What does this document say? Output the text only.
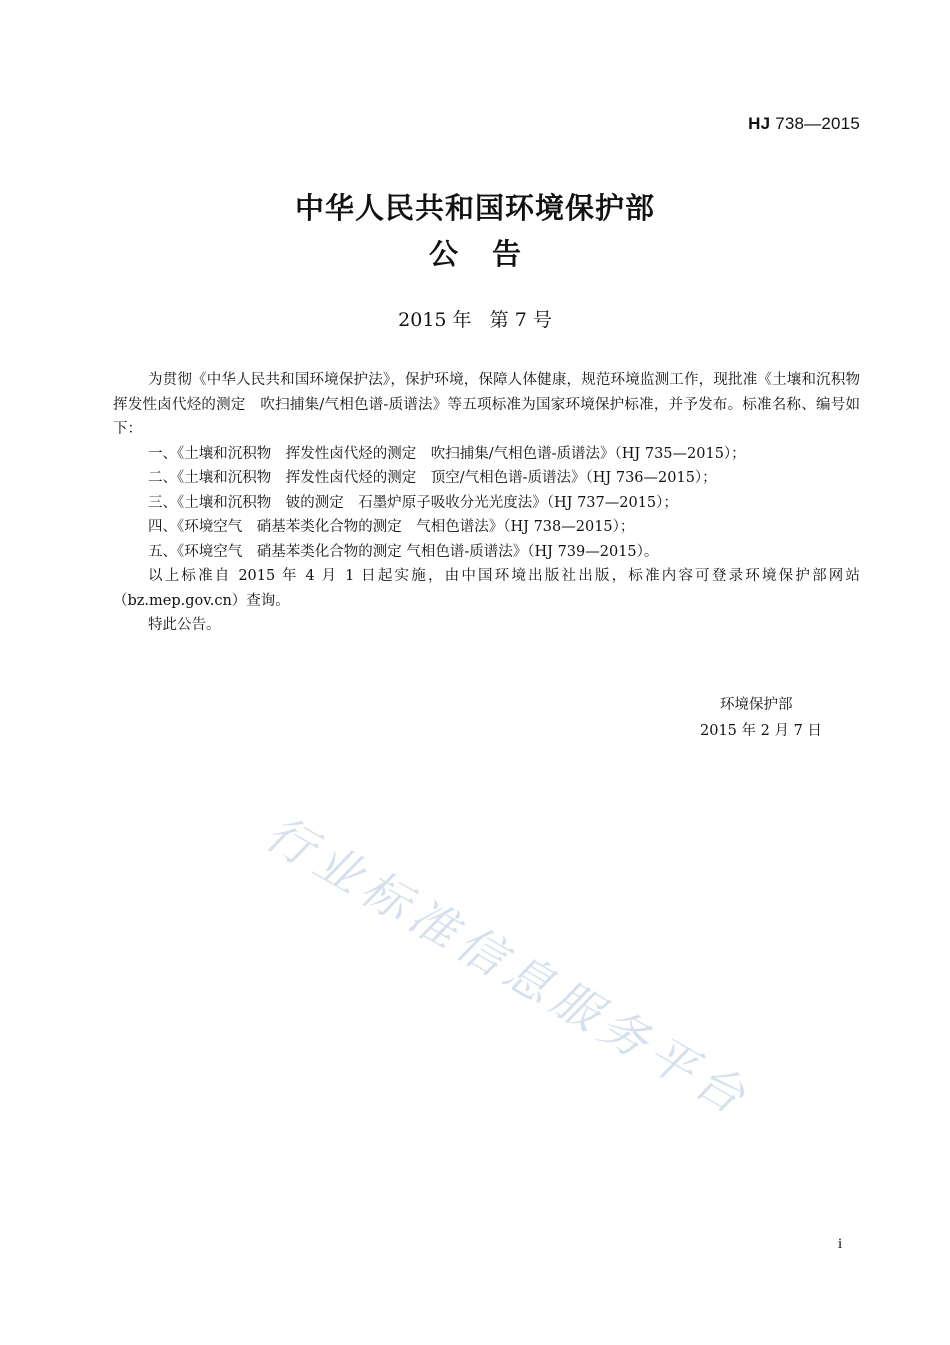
HJ 738—2015
中华人民共和国环境保护部
公告
2015 年   第 7 号

为贯彻《中华人民共和国环境保护法》，保护环境，保障人体健康，规范环境监测工作，现批准《土壤和沉积物　挥发性卤代烃的测定　吹扫捕集/气相色谱-质谱法》等五项标准为国家环境保护标准，并予发布。标准名称、编号如下：

一、《土壤和沉积物　挥发性卤代烃的测定　吹扫捕集/气相色谱-质谱法》（HJ 735—2015）；

二、《土壤和沉积物　挥发性卤代烃的测定　顶空/气相色谱-质谱法》（HJ 736—2015）；

三、《土壤和沉积物　铍的测定　石墨炉原子吸收分光光度法》（HJ 737—2015）；

四、《环境空气　硝基苯类化合物的测定　气相色谱法》（HJ 738—2015）；

五、《环境空气　硝基苯类化合物的测定 气相色谱-质谱法》（HJ 739—2015）。

以上标准自 2015 年 4 月 1 日起实施，由中国环境出版社出版，标准内容可登录环境保护部网站（bz.mep.gov.cn）查询。

特此公告。

环境保护部
2015 年 2 月 7 日
行业标准信息服务平台
i
